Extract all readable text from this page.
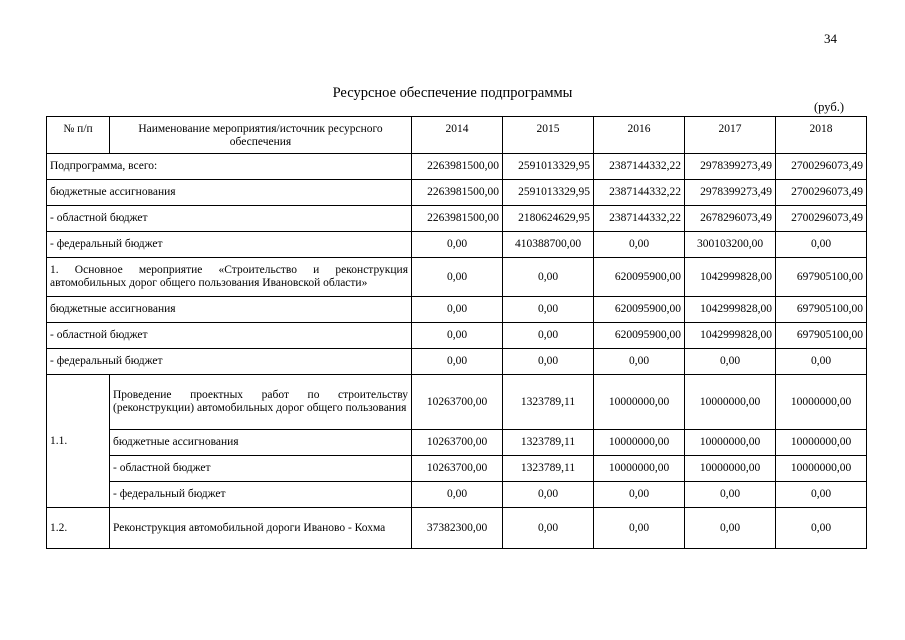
34
Ресурсное обеспечение подпрограммы
(руб.)
№ п/п	Наименование мероприятия/источник ресурсного обеспечения	2014	2015	2016	2017	2018
Подпрограмма, всего:		2263981500,00	2591013329,95	2387144332,22	2978399273,49	2700296073,49
бюджетные ассигнования		2263981500,00	2591013329,95	2387144332,22	2978399273,49	2700296073,49
- областной бюджет		2263981500,00	2180624629,95	2387144332,22	2678296073,49	2700296073,49
- федеральный бюджет		0,00	410388700,00	0,00	300103200,00	0,00
1. Основное мероприятие «Строительство и реконструкция автомобильных дорог общего пользования Ивановской области»		0,00	0,00	620095900,00	1042999828,00	697905100,00
бюджетные ассигнования		0,00	0,00	620095900,00	1042999828,00	697905100,00
- областной бюджет		0,00	0,00	620095900,00	1042999828,00	697905100,00
- федеральный бюджет		0,00	0,00	0,00	0,00	0,00
1.1.	Проведение проектных работ по строительству (реконструкции) автомобильных дорог общего пользования	10263700,00	1323789,11	10000000,00	10000000,00	10000000,00
	бюджетные ассигнования	10263700,00	1323789,11	10000000,00	10000000,00	10000000,00
	- областной бюджет	10263700,00	1323789,11	10000000,00	10000000,00	10000000,00
	- федеральный бюджет	0,00	0,00	0,00	0,00	0,00
1.2.	Реконструкция автомобильной дороги Иваново - Кохма	37382300,00	0,00	0,00	0,00	0,00
